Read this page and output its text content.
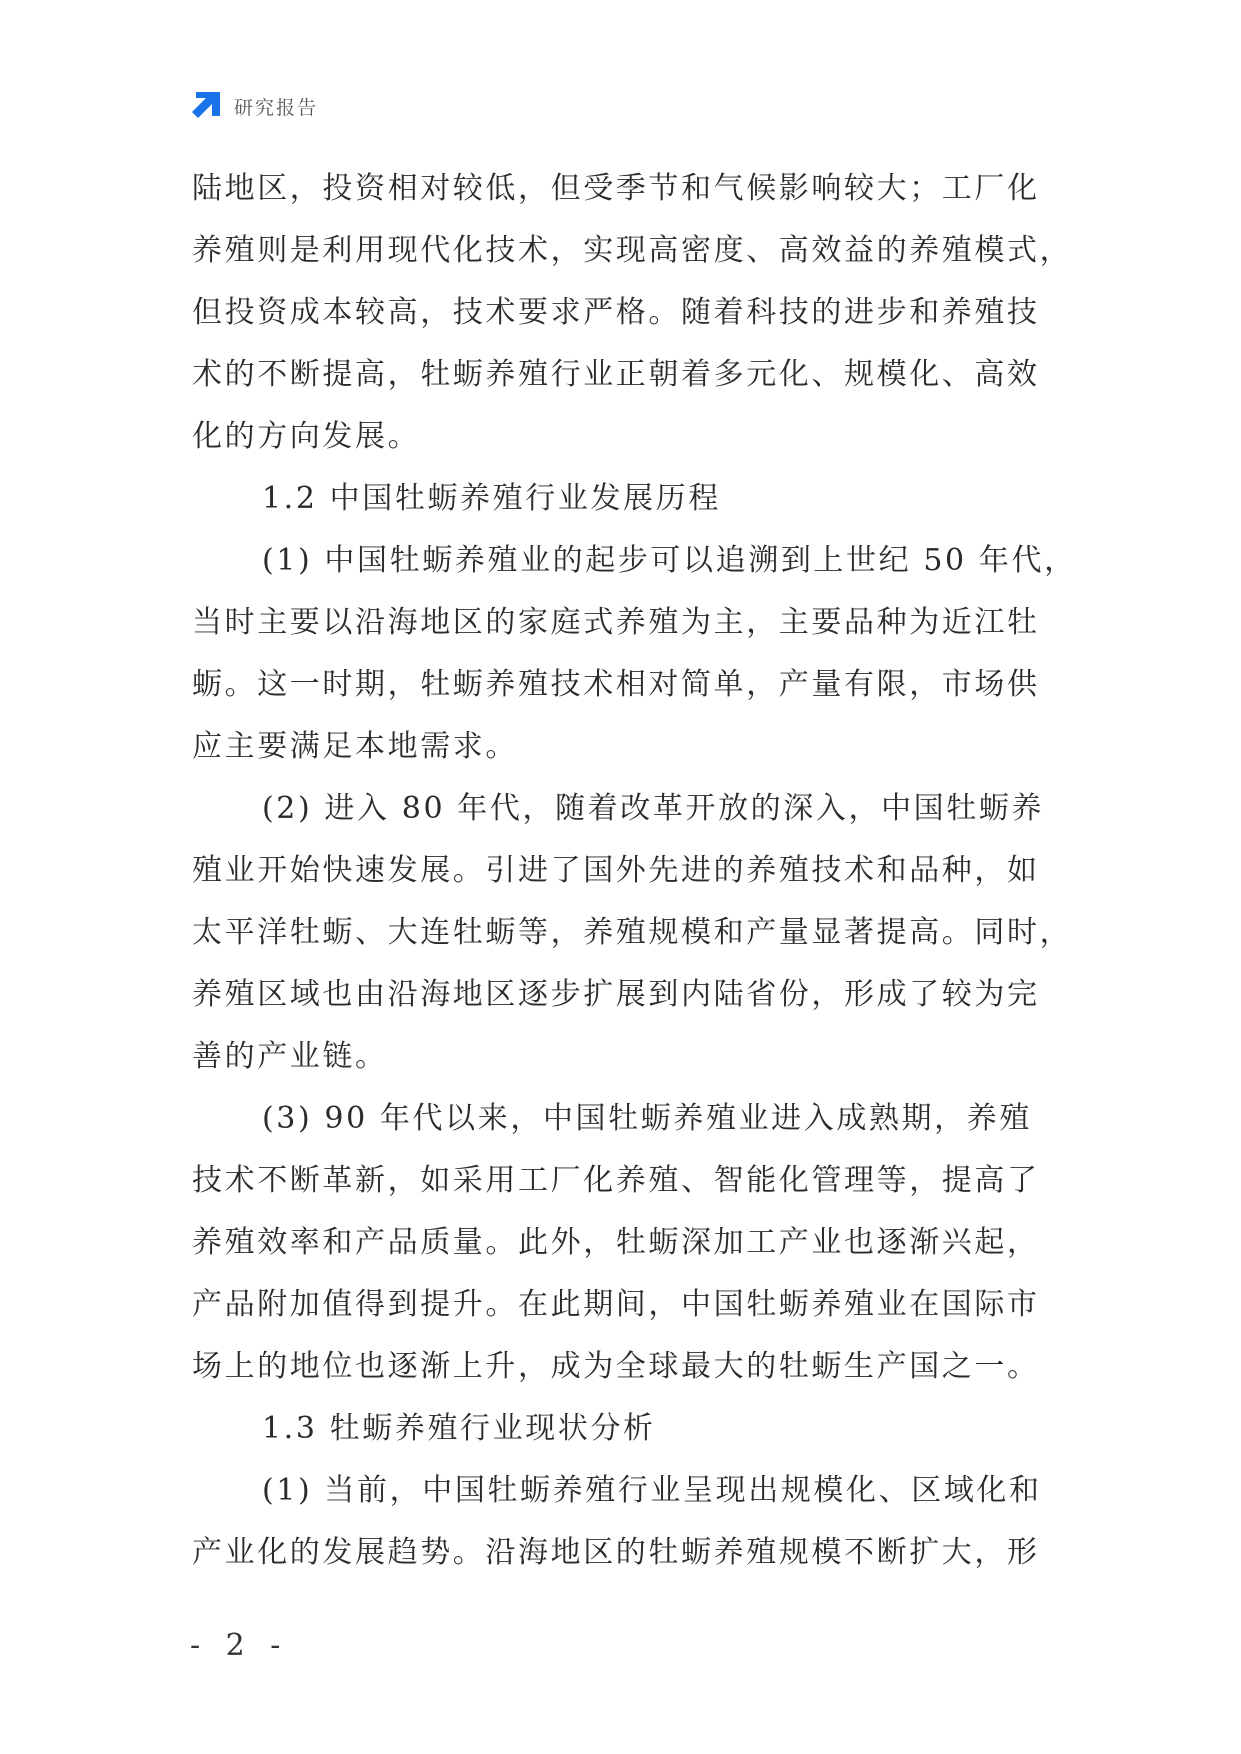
研究报告
陆地区，投资相对较低，但受季节和气候影响较大；工厂化
养殖则是利用现代化技术，实现高密度、高效益的养殖模式，
但投资成本较高，技术要求严格。随着科技的进步和养殖技
术的不断提高，牡蛎养殖行业正朝着多元化、规模化、高效
化的方向发展。
1.2 中国牡蛎养殖行业发展历程
(1) 中国牡蛎养殖业的起步可以追溯到上世纪 50 年代，
当时主要以沿海地区的家庭式养殖为主，主要品种为近江牡
蛎。这一时期，牡蛎养殖技术相对简单，产量有限，市场供
应主要满足本地需求。
(2) 进入 80 年代，随着改革开放的深入，中国牡蛎养
殖业开始快速发展。引进了国外先进的养殖技术和品种，如
太平洋牡蛎、大连牡蛎等，养殖规模和产量显著提高。同时，
养殖区域也由沿海地区逐步扩展到内陆省份，形成了较为完
善的产业链。
(3) 90 年代以来，中国牡蛎养殖业进入成熟期，养殖
技术不断革新，如采用工厂化养殖、智能化管理等，提高了
养殖效率和产品质量。此外，牡蛎深加工产业也逐渐兴起，
产品附加值得到提升。在此期间，中国牡蛎养殖业在国际市
场上的地位也逐渐上升，成为全球最大的牡蛎生产国之一。
1.3 牡蛎养殖行业现状分析
(1) 当前，中国牡蛎养殖行业呈现出规模化、区域化和
产业化的发展趋势。沿海地区的牡蛎养殖规模不断扩大，形
- 2 -
